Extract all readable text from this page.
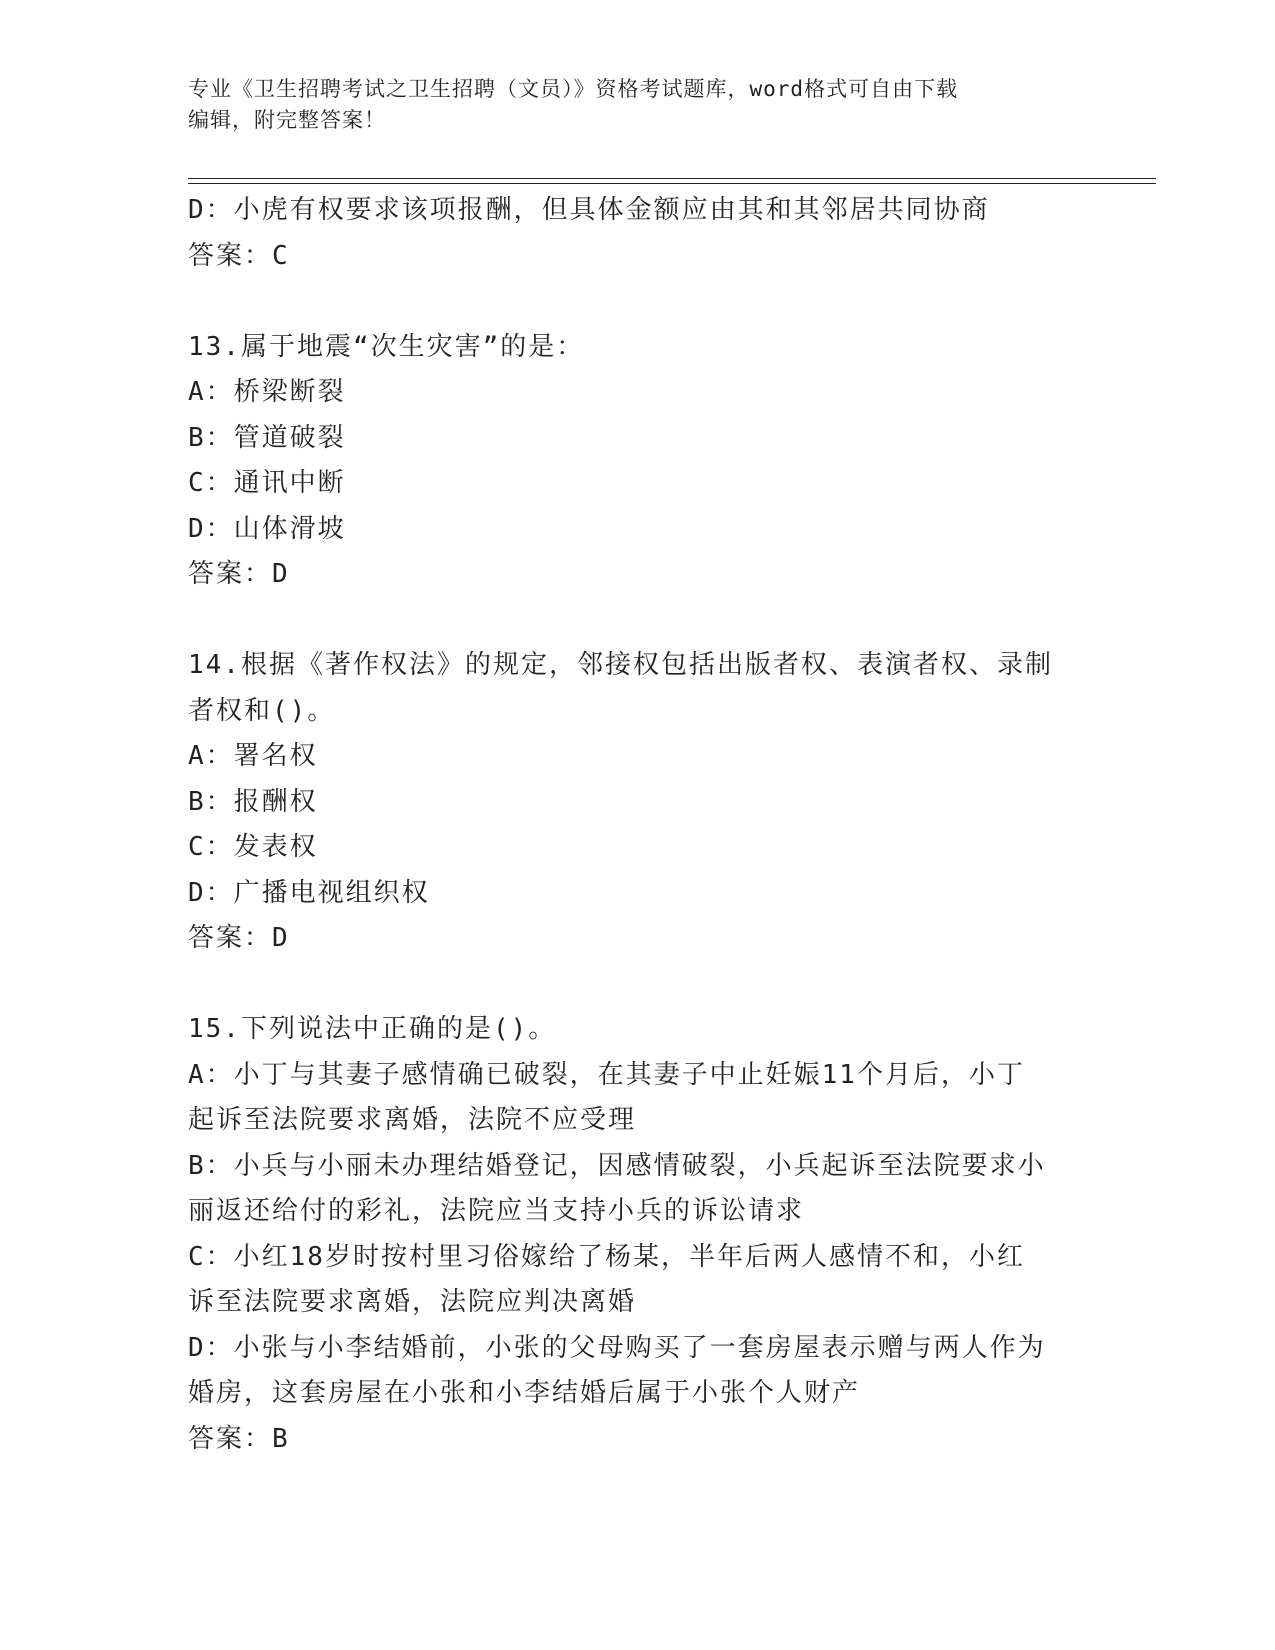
专业《卫生招聘考试之卫生招聘（文员）》资格考试题库，word格式可自由下载
编辑，附完整答案！
D：小虎有权要求该项报酬，但具体金额应由其和其邻居共同协商
答案：C
13.属于地震“次生灾害”的是：
A：桥梁断裂
B：管道破裂
C：通讯中断
D：山体滑坡
答案：D
14.根据《著作权法》的规定，邻接权包括出版者权、表演者权、录制
者权和()。
A：署名权
B：报酬权
C：发表权
D：广播电视组织权
答案：D
15.下列说法中正确的是()。
A：小丁与其妻子感情确已破裂，在其妻子中止妊娠11个月后，小丁
起诉至法院要求离婚，法院不应受理
B：小兵与小丽未办理结婚登记，因感情破裂，小兵起诉至法院要求小
丽返还给付的彩礼，法院应当支持小兵的诉讼请求
C：小红18岁时按村里习俗嫁给了杨某，半年后两人感情不和，小红
诉至法院要求离婚，法院应判决离婚
D：小张与小李结婚前，小张的父母购买了一套房屋表示赠与两人作为
婚房，这套房屋在小张和小李结婚后属于小张个人财产
答案：B
